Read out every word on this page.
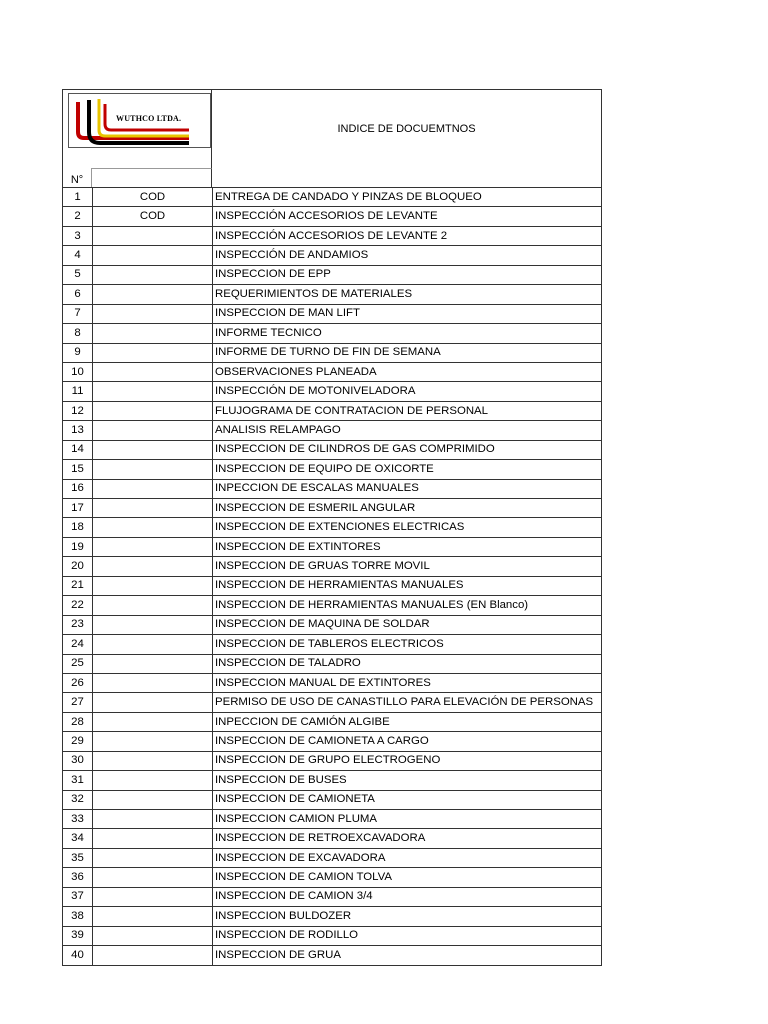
WUTHCO LTDA.
INDICE DE DOCUEMTNOS
N°
1	COD	ENTREGA DE CANDADO Y PINZAS DE BLOQUEO
2	COD	INSPECCIÓN ACCESORIOS DE LEVANTE
3		INSPECCIÓN ACCESORIOS DE LEVANTE 2
4		INSPECCIÓN DE ANDAMIOS
5		INSPECCION DE EPP
6		REQUERIMIENTOS DE MATERIALES
7		INSPECCION DE MAN LIFT
8		INFORME TECNICO
9		INFORME DE TURNO DE FIN DE SEMANA
10		OBSERVACIONES PLANEADA
11		INSPECCIÓN DE MOTONIVELADORA
12		FLUJOGRAMA DE CONTRATACION DE PERSONAL
13		ANALISIS RELAMPAGO
14		INSPECCION DE CILINDROS DE GAS COMPRIMIDO
15		INSPECCION DE EQUIPO DE OXICORTE
16		INPECCION DE ESCALAS MANUALES
17		INSPECCION DE ESMERIL ANGULAR
18		INSPECCION DE EXTENCIONES ELECTRICAS
19		INSPECCION DE EXTINTORES
20		INSPECCION DE GRUAS TORRE MOVIL
21		INSPECCION DE HERRAMIENTAS MANUALES
22		INSPECCION DE HERRAMIENTAS MANUALES (EN Blanco)
23		INSPECCION DE MAQUINA DE SOLDAR
24		INSPECCION DE TABLEROS ELECTRICOS
25		INSPECCION DE TALADRO
26		INSPECCION MANUAL DE EXTINTORES
27		PERMISO DE USO DE CANASTILLO PARA ELEVACIÓN DE PERSONAS
28		INPECCION DE CAMIÓN ALGIBE
29		INSPECCION DE CAMIONETA A CARGO
30		INSPECCION DE GRUPO ELECTROGENO
31		INSPECCION DE BUSES
32		INSPECCION DE CAMIONETA
33		INSPECCION CAMION PLUMA
34		INSPECCION DE RETROEXCAVADORA
35		INSPECCION DE EXCAVADORA
36		INSPECCION DE CAMION TOLVA
37		INSPECCION DE CAMION 3/4
38		INSPECCION BULDOZER
39		INSPECCION DE RODILLO
40		INSPECCION DE GRUA
